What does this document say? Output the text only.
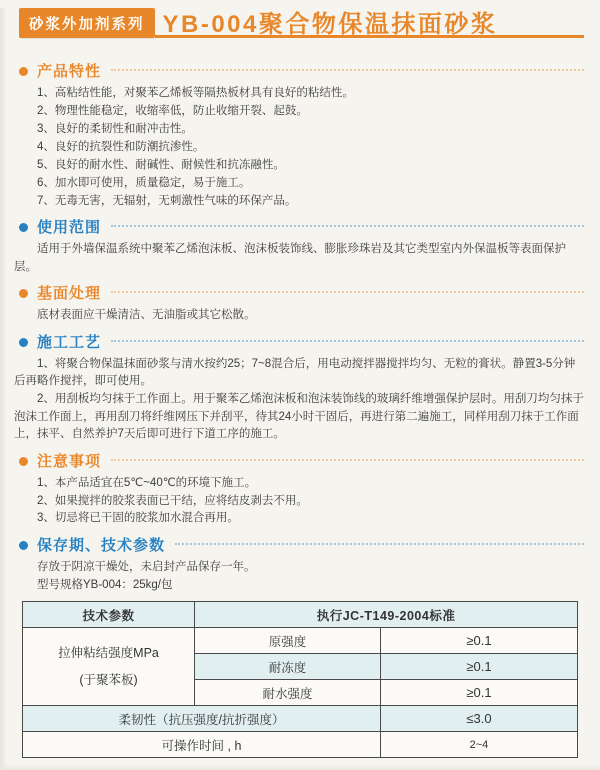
砂浆外加剂系列 YB-004聚合物保温抹面砂浆
产品特性

1、高粘结性能，对聚苯乙烯板等隔热板材具有良好的粘结性。

2、物理性能稳定，收缩率低，防止收缩开裂、起鼓。

3、良好的柔韧性和耐冲击性。

4、良好的抗裂性和防潮抗渗性。

5、良好的耐水性、耐碱性、耐候性和抗冻融性。

6、加水即可使用，质量稳定，易于施工。

7、无毒无害，无辐射，无刺激性气味的环保产品。

使用范围

适用于外墙保温系统中聚苯乙烯泡沫板、泡沫板装饰线、膨胀珍珠岩及其它类型室内外保温板等表面保护层。

基面处理

底材表面应干燥清洁、无油脂或其它松散。

施工工艺

1、将聚合物保温抹面砂浆与清水按约25；7~8混合后，用电动搅拌器搅拌均匀、无粒的膏状。静置3-5分钟后再略作搅拌，即可使用。

2、用刮板均匀抹于工作面上。用于聚苯乙烯泡沫板和泡沫装饰线的玻璃纤维增强保护层时。用刮刀均匀抹于泡沫工作面上，再用刮刀将纤维网压下并刮平，待其24小时干固后，再进行第二遍施工，同样用刮刀抹于工作面上，抹平、自然养护7天后即可进行下道工序的施工。

注意事项

1、本产品适宜在5℃~40℃的环境下施工。

2、如果搅拌的胶浆表面已干结，应将结皮剥去不用。

3、切忌将已干固的胶浆加水混合再用。

保存期、技术参数

存放于阴凉干燥处，未启封产品保存一年。

型号规格YB-004：25kg/包

技术参数	执行JC-T149-2004标准	

拉伸粘结强度MPa
(于聚苯板)	原强度	≥0.1
	耐冻度	≥0.1
	耐水强度	≥0.1
柔韧性（抗压强度/抗折强度）		≤3.0
可操作时间 , h		2~4
